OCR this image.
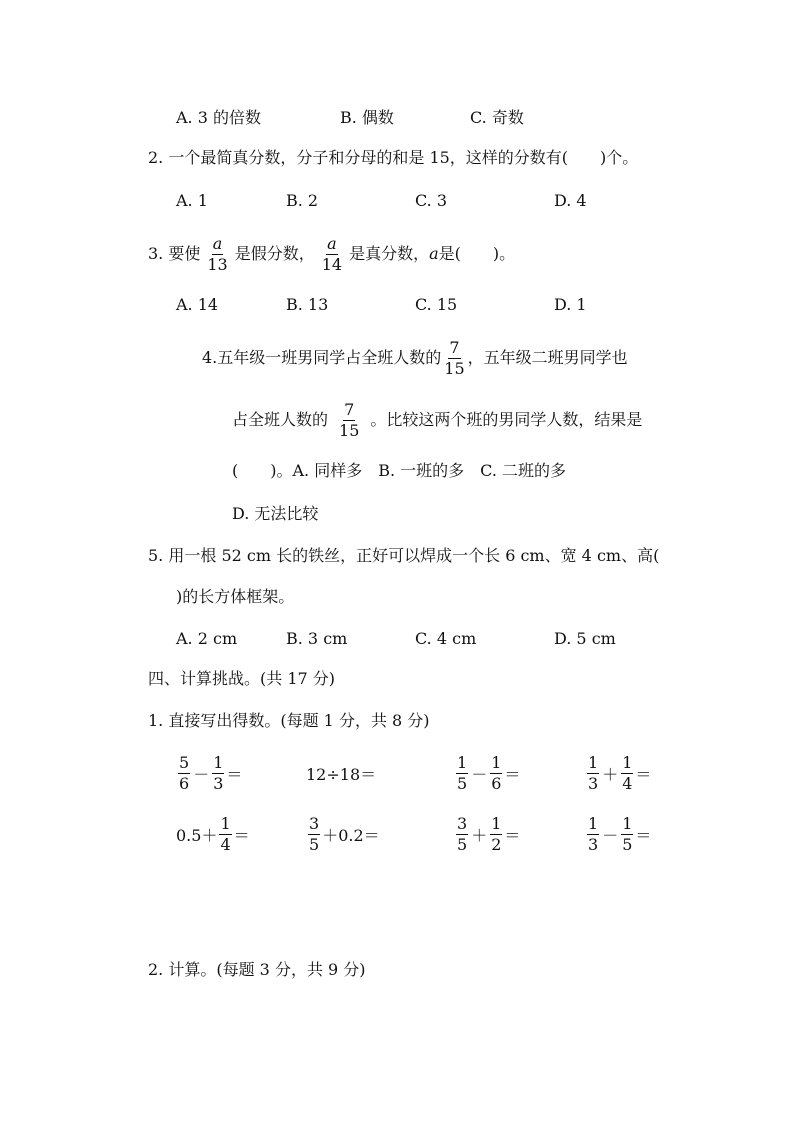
A. 3 的倍数	B. 偶数	C. 奇数
2. 一个最简真分数，分子和分母的和是 15，这样的分数有(　　)个。
A. 1	B. 2	C. 3	D. 4
3. 要使 $\frac{a}{13}$ 是假分数， $\frac{a}{14}$ 是真分数， a 是(　　)。
A. 14	B. 13	C. 15	D. 1
4.五年级一班男同学占全班人数的 $\frac{7}{15}$ ，五年级二班男同学也
占全班人数的 $\frac{7}{15}$ 。比较这两个班的男同学人数，结果是
(　　)。A. 同样多　B. 一班的多　C. 二班的多
D. 无法比较
5. 用一根 52 cm 长的铁丝，正好可以焊成一个长 6 cm、宽 4 cm、高(
)的长方体框架。
A. 2 cm	B. 3 cm	C. 4 cm	D. 5 cm
四、计算挑战。(共 17 分)
1. 直接写出得数。(每题 1 分，共 8 分)
$\frac{5}{6} - \frac{1}{3}$ ＝	12÷18＝	$\frac{1}{5} - \frac{1}{6}$ ＝	$\frac{1}{3} + \frac{1}{4}$ ＝
$0.5+ \frac{1}{4}$ ＝	$\frac{3}{5} +0.2=$	$\frac{3}{5} + \frac{1}{2}$ ＝	$\frac{1}{3} - \frac{1}{5}$ ＝
2. 计算。(每题 3 分，共 9 分)
